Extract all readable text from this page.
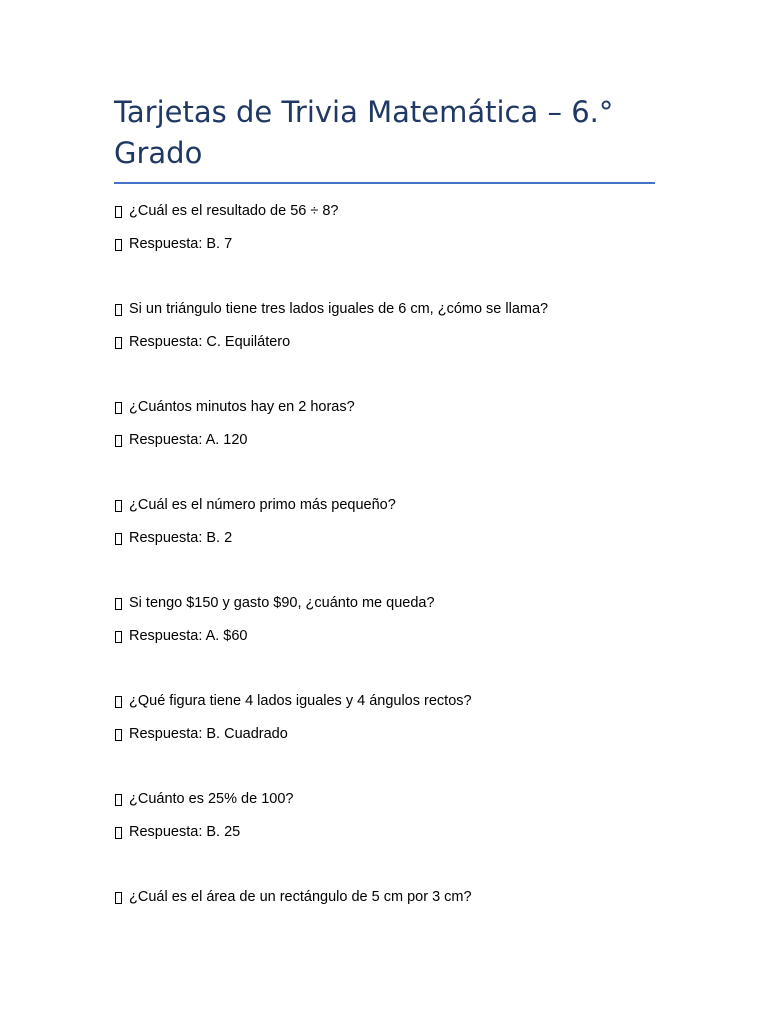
Tarjetas de Trivia Matemática – 6.° Grado
¿Cuál es el resultado de 56 ÷ 8?
Respuesta: B. 7
Si un triángulo tiene tres lados iguales de 6 cm, ¿cómo se llama?
Respuesta: C. Equilátero
¿Cuántos minutos hay en 2 horas?
Respuesta: A. 120
¿Cuál es el número primo más pequeño?
Respuesta: B. 2
Si tengo $150 y gasto $90, ¿cuánto me queda?
Respuesta: A. $60
¿Qué figura tiene 4 lados iguales y 4 ángulos rectos?
Respuesta: B. Cuadrado
¿Cuánto es 25% de 100?
Respuesta: B. 25
¿Cuál es el área de un rectángulo de 5 cm por 3 cm?
